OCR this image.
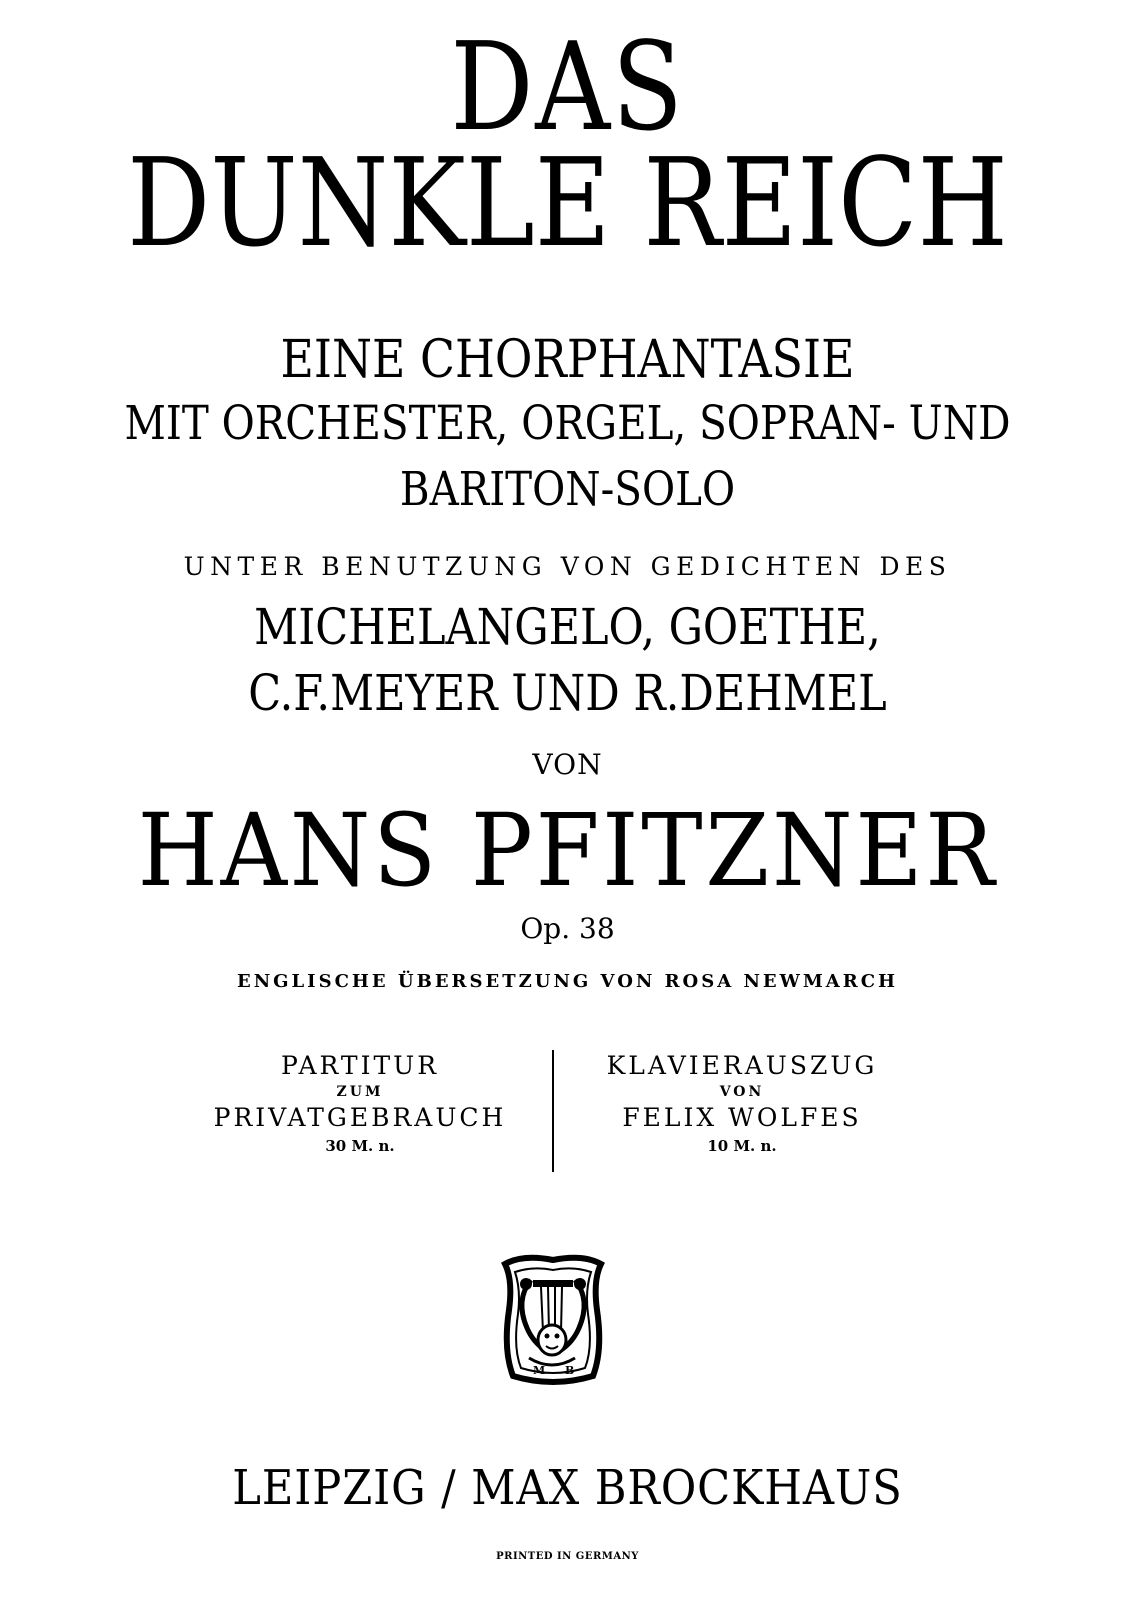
DAS
DUNKLE REICH
EINE CHORPHANTASIE
MIT ORCHESTER, ORGEL, SOPRAN- UND
BARITON-SOLO
UNTER BENUTZUNG VON GEDICHTEN DES
MICHELANGELO, GOETHE,
C.F.MEYER UND R.DEHMEL
VON
HANS PFITZNER
Op. 38
ENGLISCHE ÜBERSETZUNG VON ROSA NEWMARCH
PARTITUR
ZUM
PRIVATGEBRAUCH
30 M. n.
KLAVIERAUSZUG
VON
FELIX WOLFES
10 M. n.
M B
LEIPZIG / MAX BROCKHAUS
PRINTED IN GERMANY
